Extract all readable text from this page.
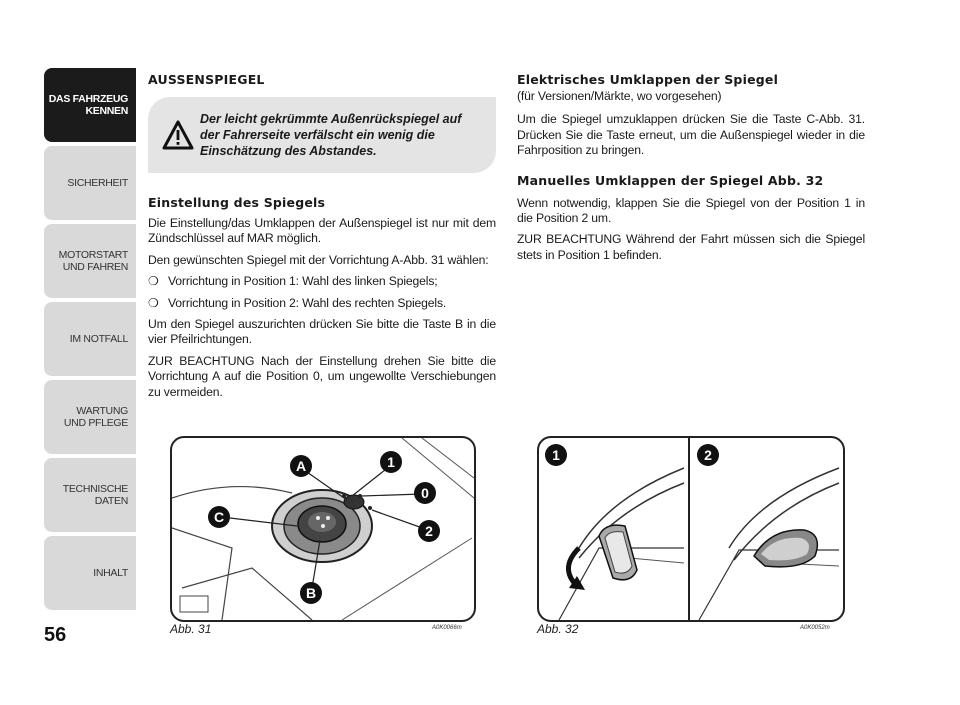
DAS FAHRZEUG
KENNEN
SICHERHEIT
MOTORSTART
UND FAHREN
IM NOTFALL
WARTUNG
UND PFLEGE
TECHNISCHE
DATEN
INHALT
56
AUSSENSPIEGEL
Der leicht gekrümmte Außenrückspiegel auf der Fahrerseite verfälscht ein wenig die Einschätzung des Abstandes.
Einstellung des Spiegels

Die Einstellung/das Umklappen der Außenspiegel ist nur mit dem Zündschlüssel auf MAR möglich.

Den gewünschten Spiegel mit der Vorrichtung A-Abb. 31 wählen:

❍ Vorrichtung in Position 1: Wahl des linken Spiegels;
❍ Vorrichtung in Position 2: Wahl des rechten Spiegels.

Um den Spiegel auszurichten drücken Sie bitte die Taste B in die vier Pfeilrichtungen.

ZUR BEACHTUNG Nach der Einstellung drehen Sie bitte die Vorrichtung A auf die Position 0, um ungewollte Verschiebungen zu vermeiden.

Elektrisches Umklappen der Spiegel

(für Versionen/Märkte, wo vorgesehen)

Um die Spiegel umzuklappen drücken Sie die Taste C-Abb. 31. Drücken Sie die Taste erneut, um die Außenspiegel wieder in die Fahrposition zu bringen.

Manuelles Umklappen der Spiegel Abb. 32

Wenn notwendig, klappen Sie die Spiegel von der Position 1 in die Position 2 um.

ZUR BEACHTUNG Während der Fahrt müssen sich die Spiegel stets in Position 1 befinden.

A	1
0
2
C
B
Abb. 31	A0K0066m
1	2
Abb. 32	A0K0052m
